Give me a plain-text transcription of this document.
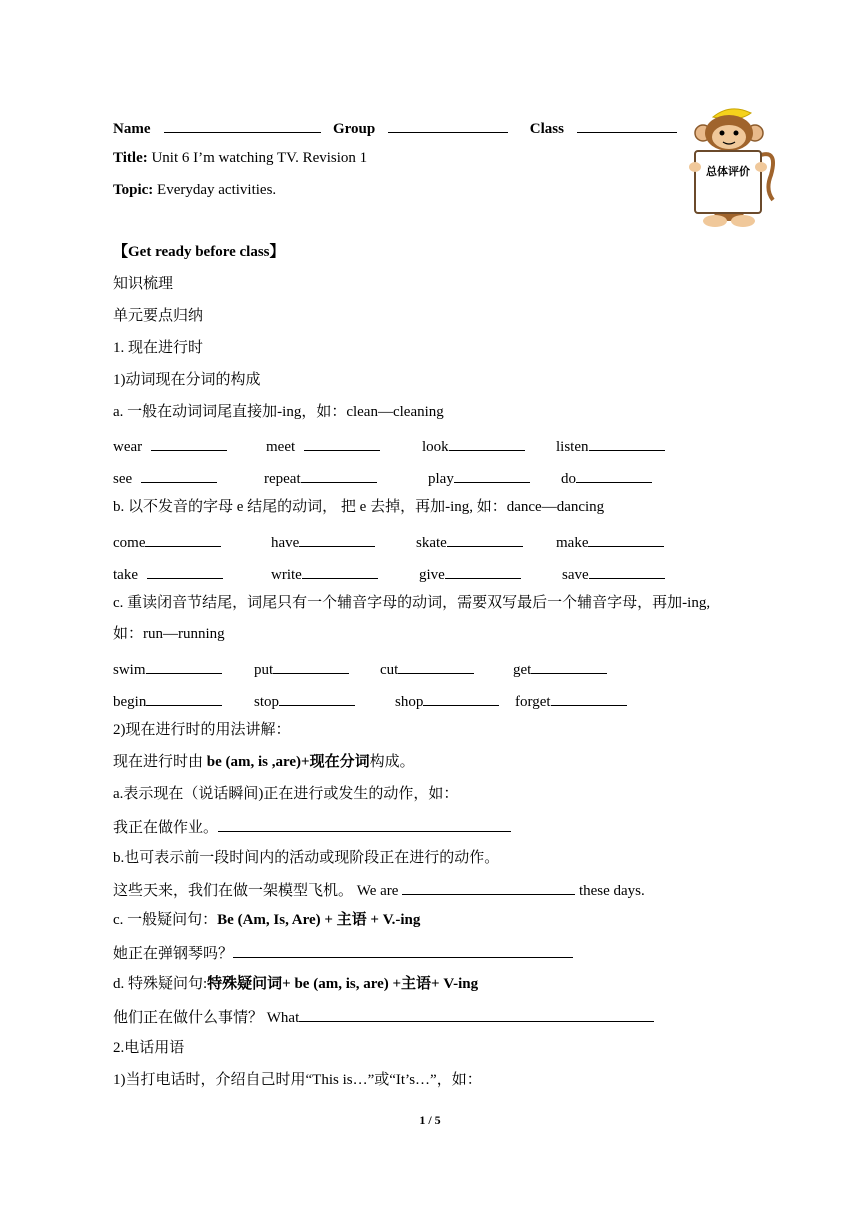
Name	Group	Class
Title: Unit 6 I’m watching TV. Revision 1
Topic: Everyday activities.
总体评价
【Get ready before class】
知识梳理
单元要点归纳
1. 现在进行时
1)动词现在分词的构成
a. 一般在动词词尾直接加-ing，如：clean—cleaning
wear	meet	look	listen
see	repeat	play	do
b. 以不发音的字母 e 结尾的动词， 把 e 去掉，再加-ing, 如：dance—dancing
come	have	skate	make
take	write	give	save
c. 重读闭音节结尾，词尾只有一个辅音字母的动词，需要双写最后一个辅音字母，再加-ing,
如：run—running
swim	put	cut	get
begin	stop	shop	forget
2)现在进行时的用法讲解：
现在进行时由 be (am, is ,are)+现在分词构成。
a.表示现在（说话瞬间)正在进行或发生的动作，如：
我正在做作业。
b.也可表示前一段时间内的活动或现阶段正在进行的动作。
这些天来，我们在做一架模型飞机。 We are	these days.
c. 一般疑问句：Be (Am, Is, Are) + 主语 + V.-ing
她正在弹钢琴吗？
d. 特殊疑问句:特殊疑问词+ be (am, is, are) +主语+ V-ing
他们正在做什么事情？ What
2.电话用语
1)当打电话时，介绍自己时用“This is…”或“It’s…”，如：
1 / 5
